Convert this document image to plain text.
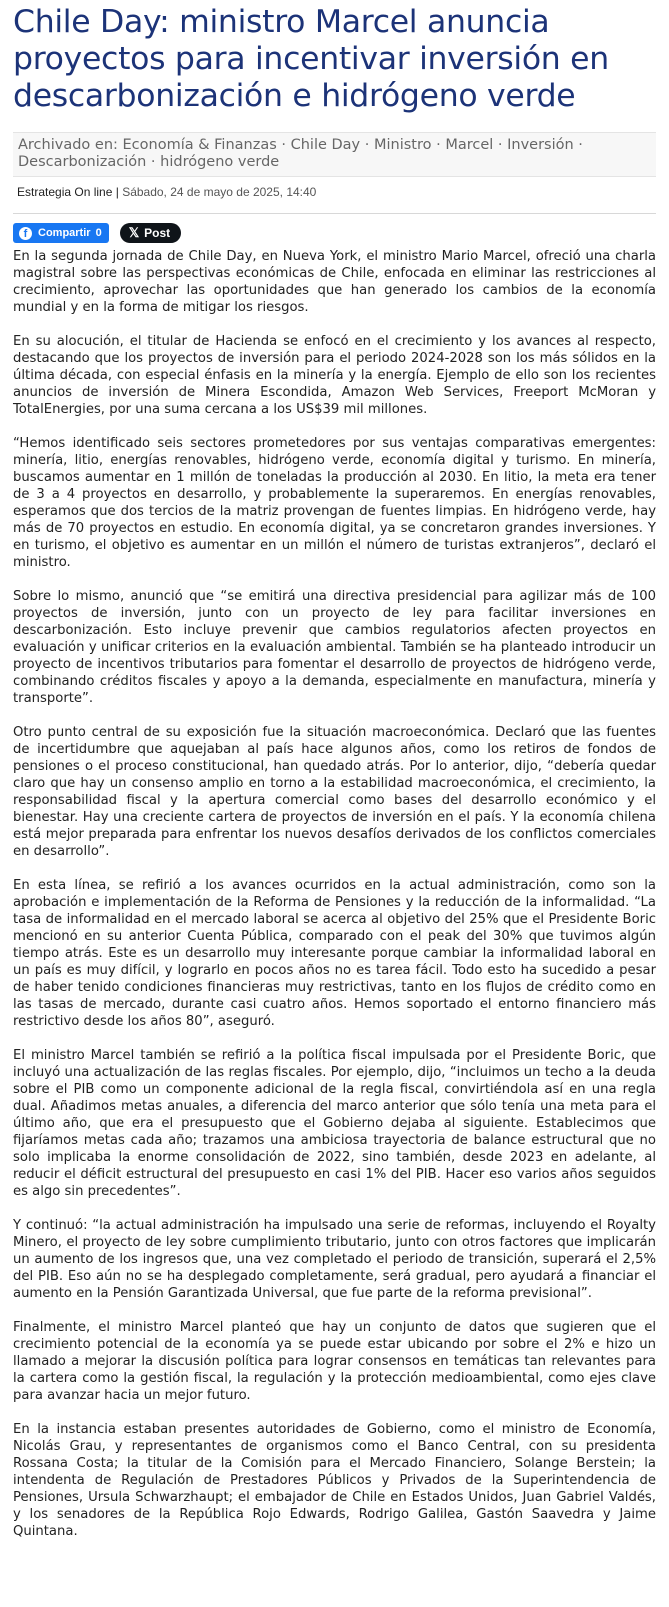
Chile Day: ministro Marcel anuncia proyectos para incentivar inversión en descarbonización e hidrógeno verde
Archivado en: Economía & Finanzas · Chile Day · Ministro · Marcel · Inversión · Descarbonización · hidrógeno verde
Estrategia On line | Sábado, 24 de mayo de 2025, 14:40
f Compartir 0 𝕏 Post

En la segunda jornada de Chile Day, en Nueva York, el ministro Mario Marcel, ofreció una charla magistral sobre las perspectivas económicas de Chile, enfocada en eliminar las restricciones al crecimiento, aprovechar las oportunidades que han generado los cambios de la economía mundial y en la forma de mitigar los riesgos.

En su alocución, el titular de Hacienda se enfocó en el crecimiento y los avances al respecto, destacando que los proyectos de inversión para el periodo 2024-2028 son los más sólidos en la última década, con especial énfasis en la minería y la energía. Ejemplo de ello son los recientes anuncios de inversión de Minera Escondida, Amazon Web Services, Freeport McMoran y TotalEnergies, por una suma cercana a los US$39 mil millones.

“Hemos identificado seis sectores prometedores por sus ventajas comparativas emergentes: minería, litio, energías renovables, hidrógeno verde, economía digital y turismo. En minería, buscamos aumentar en 1 millón de toneladas la producción al 2030. En litio, la meta era tener de 3 a 4 proyectos en desarrollo, y probablemente la superaremos. En energías renovables, esperamos que dos tercios de la matriz provengan de fuentes limpias. En hidrógeno verde, hay más de 70 proyectos en estudio. En economía digital, ya se concretaron grandes inversiones. Y en turismo, el objetivo es aumentar en un millón el número de turistas extranjeros”, declaró el ministro.

Sobre lo mismo, anunció que “se emitirá una directiva presidencial para agilizar más de 100 proyectos de inversión, junto con un proyecto de ley para facilitar inversiones en descarbonización. Esto incluye prevenir que cambios regulatorios afecten proyectos en evaluación y unificar criterios en la evaluación ambiental. También se ha planteado introducir un proyecto de incentivos tributarios para fomentar el desarrollo de proyectos de hidrógeno verde, combinando créditos fiscales y apoyo a la demanda, especialmente en manufactura, minería y transporte”.

Otro punto central de su exposición fue la situación macroeconómica. Declaró que las fuentes de incertidumbre que aquejaban al país hace algunos años, como los retiros de fondos de pensiones o el proceso constitucional, han quedado atrás. Por lo anterior, dijo, “debería quedar claro que hay un consenso amplio en torno a la estabilidad macroeconómica, el crecimiento, la responsabilidad fiscal y la apertura comercial como bases del desarrollo económico y el bienestar. Hay una creciente cartera de proyectos de inversión en el país. Y la economía chilena está mejor preparada para enfrentar los nuevos desafíos derivados de los conflictos comerciales en desarrollo”.

En esta línea, se refirió a los avances ocurridos en la actual administración, como son la aprobación e implementación de la Reforma de Pensiones y la reducción de la informalidad. “La tasa de informalidad en el mercado laboral se acerca al objetivo del 25% que el Presidente Boric mencionó en su anterior Cuenta Pública, comparado con el peak del 30% que tuvimos algún tiempo atrás. Este es un desarrollo muy interesante porque cambiar la informalidad laboral en un país es muy difícil, y lograrlo en pocos años no es tarea fácil. Todo esto ha sucedido a pesar de haber tenido condiciones financieras muy restrictivas, tanto en los flujos de crédito como en las tasas de mercado, durante casi cuatro años. Hemos soportado el entorno financiero más restrictivo desde los años 80”, aseguró.

El ministro Marcel también se refirió a la política fiscal impulsada por el Presidente Boric, que incluyó una actualización de las reglas fiscales. Por ejemplo, dijo, “incluimos un techo a la deuda sobre el PIB como un componente adicional de la regla fiscal, convirtiéndola así en una regla dual. Añadimos metas anuales, a diferencia del marco anterior que sólo tenía una meta para el último año, que era el presupuesto que el Gobierno dejaba al siguiente. Establecimos que fijaríamos metas cada año; trazamos una ambiciosa trayectoria de balance estructural que no solo implicaba la enorme consolidación de 2022, sino también, desde 2023 en adelante, al reducir el déficit estructural del presupuesto en casi 1% del PIB. Hacer eso varios años seguidos es algo sin precedentes”.

Y continuó: “la actual administración ha impulsado una serie de reformas, incluyendo el Royalty Minero, el proyecto de ley sobre cumplimiento tributario, junto con otros factores que implicarán un aumento de los ingresos que, una vez completado el periodo de transición, superará el 2,5% del PIB. Eso aún no se ha desplegado completamente, será gradual, pero ayudará a financiar el aumento en la Pensión Garantizada Universal, que fue parte de la reforma previsional”.

Finalmente, el ministro Marcel planteó que hay un conjunto de datos que sugieren que el crecimiento potencial de la economía ya se puede estar ubicando por sobre el 2% e hizo un llamado a mejorar la discusión política para lograr consensos en temáticas tan relevantes para la cartera como la gestión fiscal, la regulación y la protección medioambiental, como ejes clave para avanzar hacia un mejor futuro.

En la instancia estaban presentes autoridades de Gobierno, como el ministro de Economía, Nicolás Grau, y representantes de organismos como el Banco Central, con su presidenta Rossana Costa; la titular de la Comisión para el Mercado Financiero, Solange Berstein; la intendenta de Regulación de Prestadores Públicos y Privados de la Superintendencia de Pensiones, Ursula Schwarzhaupt; el embajador de Chile en Estados Unidos, Juan Gabriel Valdés, y los senadores de la República Rojo Edwards, Rodrigo Galilea, Gastón Saavedra y Jaime Quintana.
